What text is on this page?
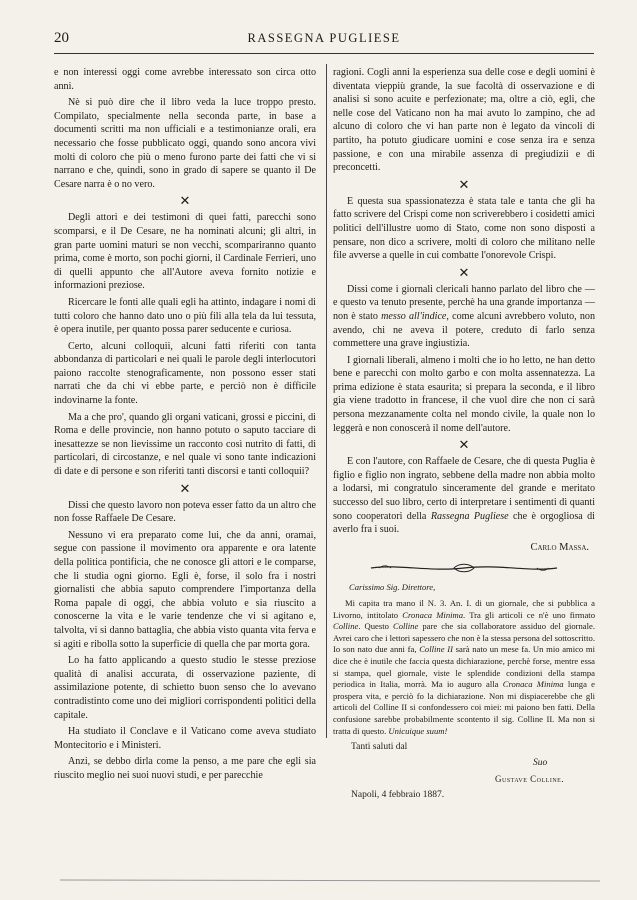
20	RASSEGNA PUGLIESE

e non interessi oggi come avrebbe interessato son circa otto anni.

Nè si può dire che il libro veda la luce troppo presto. Compilato, specialmente nella seconda parte, in base a documenti scritti ma non ufficiali e a testimonianze orali, era necessario che fosse pubblicato oggi, quando sono ancora vivi molti di coloro che più o meno furono parte dei fatti che vi si narrano e che, quindi, sono in grado di sapere se quanto il De Cesare narra è o no vero.

✕

Degli attori e dei testimoni di quei fatti, parecchi sono scomparsi, e il De Cesare, ne ha nominati alcuni; gli altri, in gran parte uomini maturi se non vecchi, scompariranno quanto prima, come è morto, son pochi giorni, il Cardinale Ferrieri, uno di quelli appunto che all'Autore aveva fornito notizie e informazioni preziose.

Ricercare le fonti alle quali egli ha attinto, indagare i nomi di tutti coloro che hanno dato uno o più fili alla tela da lui tessuta, è opera inutile, per quanto possa parer seducente e curiosa.

Certo, alcuni colloquii, alcuni fatti riferiti con tanta abbondanza di particolari e nei quali le parole degli interlocutori paiono raccolte stenograficamente, non possono esser stati narrati che da chi vi ebbe parte, e perciò non è difficile indovinarne la fonte.

Ma a che pro', quando gli organi vaticani, grossi e piccini, di Roma e delle provincie, non hanno potuto o saputo tacciare di inesattezze se non lievissime un racconto così nutrito di fatti, di particolari, di circostanze, e nel quale vi sono tante indicazioni di date e di persone e son riferiti tanti discorsi e tanti colloquii?

✕

Dissi che questo lavoro non poteva esser fatto da un altro che non fosse Raffaele De Cesare.

Nessuno vi era preparato come lui, che da anni, oramai, segue con passione il movimento ora apparente e ora latente della politica pontificia, che ne conosce gli attori e le comparse, che li studia ogni giorno. Egli è, forse, il solo fra i nostri giornalisti che abbia saputo comprendere l'importanza della Roma papale di oggi, che abbia voluto e sia riuscito a conoscerne la vita e le varie tendenze che vi si agitano e, talvolta, vi si danno battaglia, che abbia visto quanta vita ferva e si agiti e ribolla sotto la superficie di quella che par morta gora.

Lo ha fatto applicando a questo studio le stesse preziose qualità di analisi accurata, di osservazione paziente, di assimilazione potente, di schietto buon senso che lo avevano contradistinto come uno dei migliori corrispondenti politici della capitale.

Ha studiato il Conclave e il Vaticano come aveva studiato Montecitorio e i Ministeri.

Anzi, se debbo dirla come la penso, a me pare che egli sia riuscito meglio nei suoi nuovi studi, e per parecchie

ragioni. Cogli anni la esperienza sua delle cose e degli uomini è diventata vieppiù grande, la sue facoltà di osservazione e di analisi si sono acuite e perfezionate; ma, oltre a ciò, egli, che nelle cose del Vaticano non ha mai avuto lo zampino, che ad alcuno di coloro che vi han parte non è legato da vincoli di partito, ha potuto giudicare uomini e cose senza ira e senza passione, e con una mirabile assenza di pregiudizii e di preconcetti.

✕

E questa sua spassionatezza è stata tale e tanta che gli ha fatto scrivere del Crispi come non scriverebbero i cosidetti amici politici dell'illustre uomo di Stato, come non sono disposti a pensare, non dico a scrivere, molti di coloro che militano nelle file avverse a quelle in cui combatte l'onorevole Crispi.

✕

Dissi come i giornali clericali hanno parlato del libro che — e questo va tenuto presente, perchè ha una grande importanza — non è stato messo all'indice, come alcuni avrebbero voluto, non avendo, chi ne aveva il potere, creduto di farlo senza commettere una grave ingiustizia.

I giornali liberali, almeno i molti che io ho letto, ne han detto bene e parecchi con molto garbo e con molta assennatezza. La prima edizione è stata esaurita; si prepara la seconda, e il libro gia viene tradotto in francese, il che vuol dire che non ci sarà persona mezzanamente colta nel mondo civile, la quale non lo leggerà e non conoscerà il nome dell'autore.

✕

E con l'autore, con Raffaele de Cesare, che di questa Puglia è figlio e figlio non ingrato, sebbene della madre non abbia molto a lodarsi, mi congratulo sinceramente del grande e meritato successo del suo libro, certo di interpretare i sentimenti di quanti sono cooperatori della Rassegna Pugliese che è orgogliosa di averlo fra i suoi.

Carlo Massa.
Carissimo Sig. Direttore,

Mi capita tra mano il N. 3. An. I. di un giornale, che si pubblica a Livorno, intitolato Cronaca Minima. Tra gli articoli ce n'è uno firmato Colline. Questo Colline pare che sia collaboratore assiduo del giornale. Avrei caro che i lettori sapessero che non è la stessa persona del sottoscritto. Io son nato due anni fa, Colline II sarà nato un mese fa. Un mio amico mi dice che è inutile che faccia questa dichiarazione, perchè forse, mentre essa si stampa, quel giornale, viste le splendide condizioni della stampa periodica in Italia, morrà. Ma io auguro alla Cronaca Minima lunga e prospera vita, e perciò fo la dichiarazione. Non mi dispiacerebbe che gli articoli del Colline II si confondessero coi miei: mi paiono ben fatti. Della confusione sarebbe probabilmente scontento il sig. Colline II. Ma non si tratta di questo. Unicuique suum!

Tanti saluti dal
Suo
Gustave Colline.
Napoli, 4 febbraio 1887.
